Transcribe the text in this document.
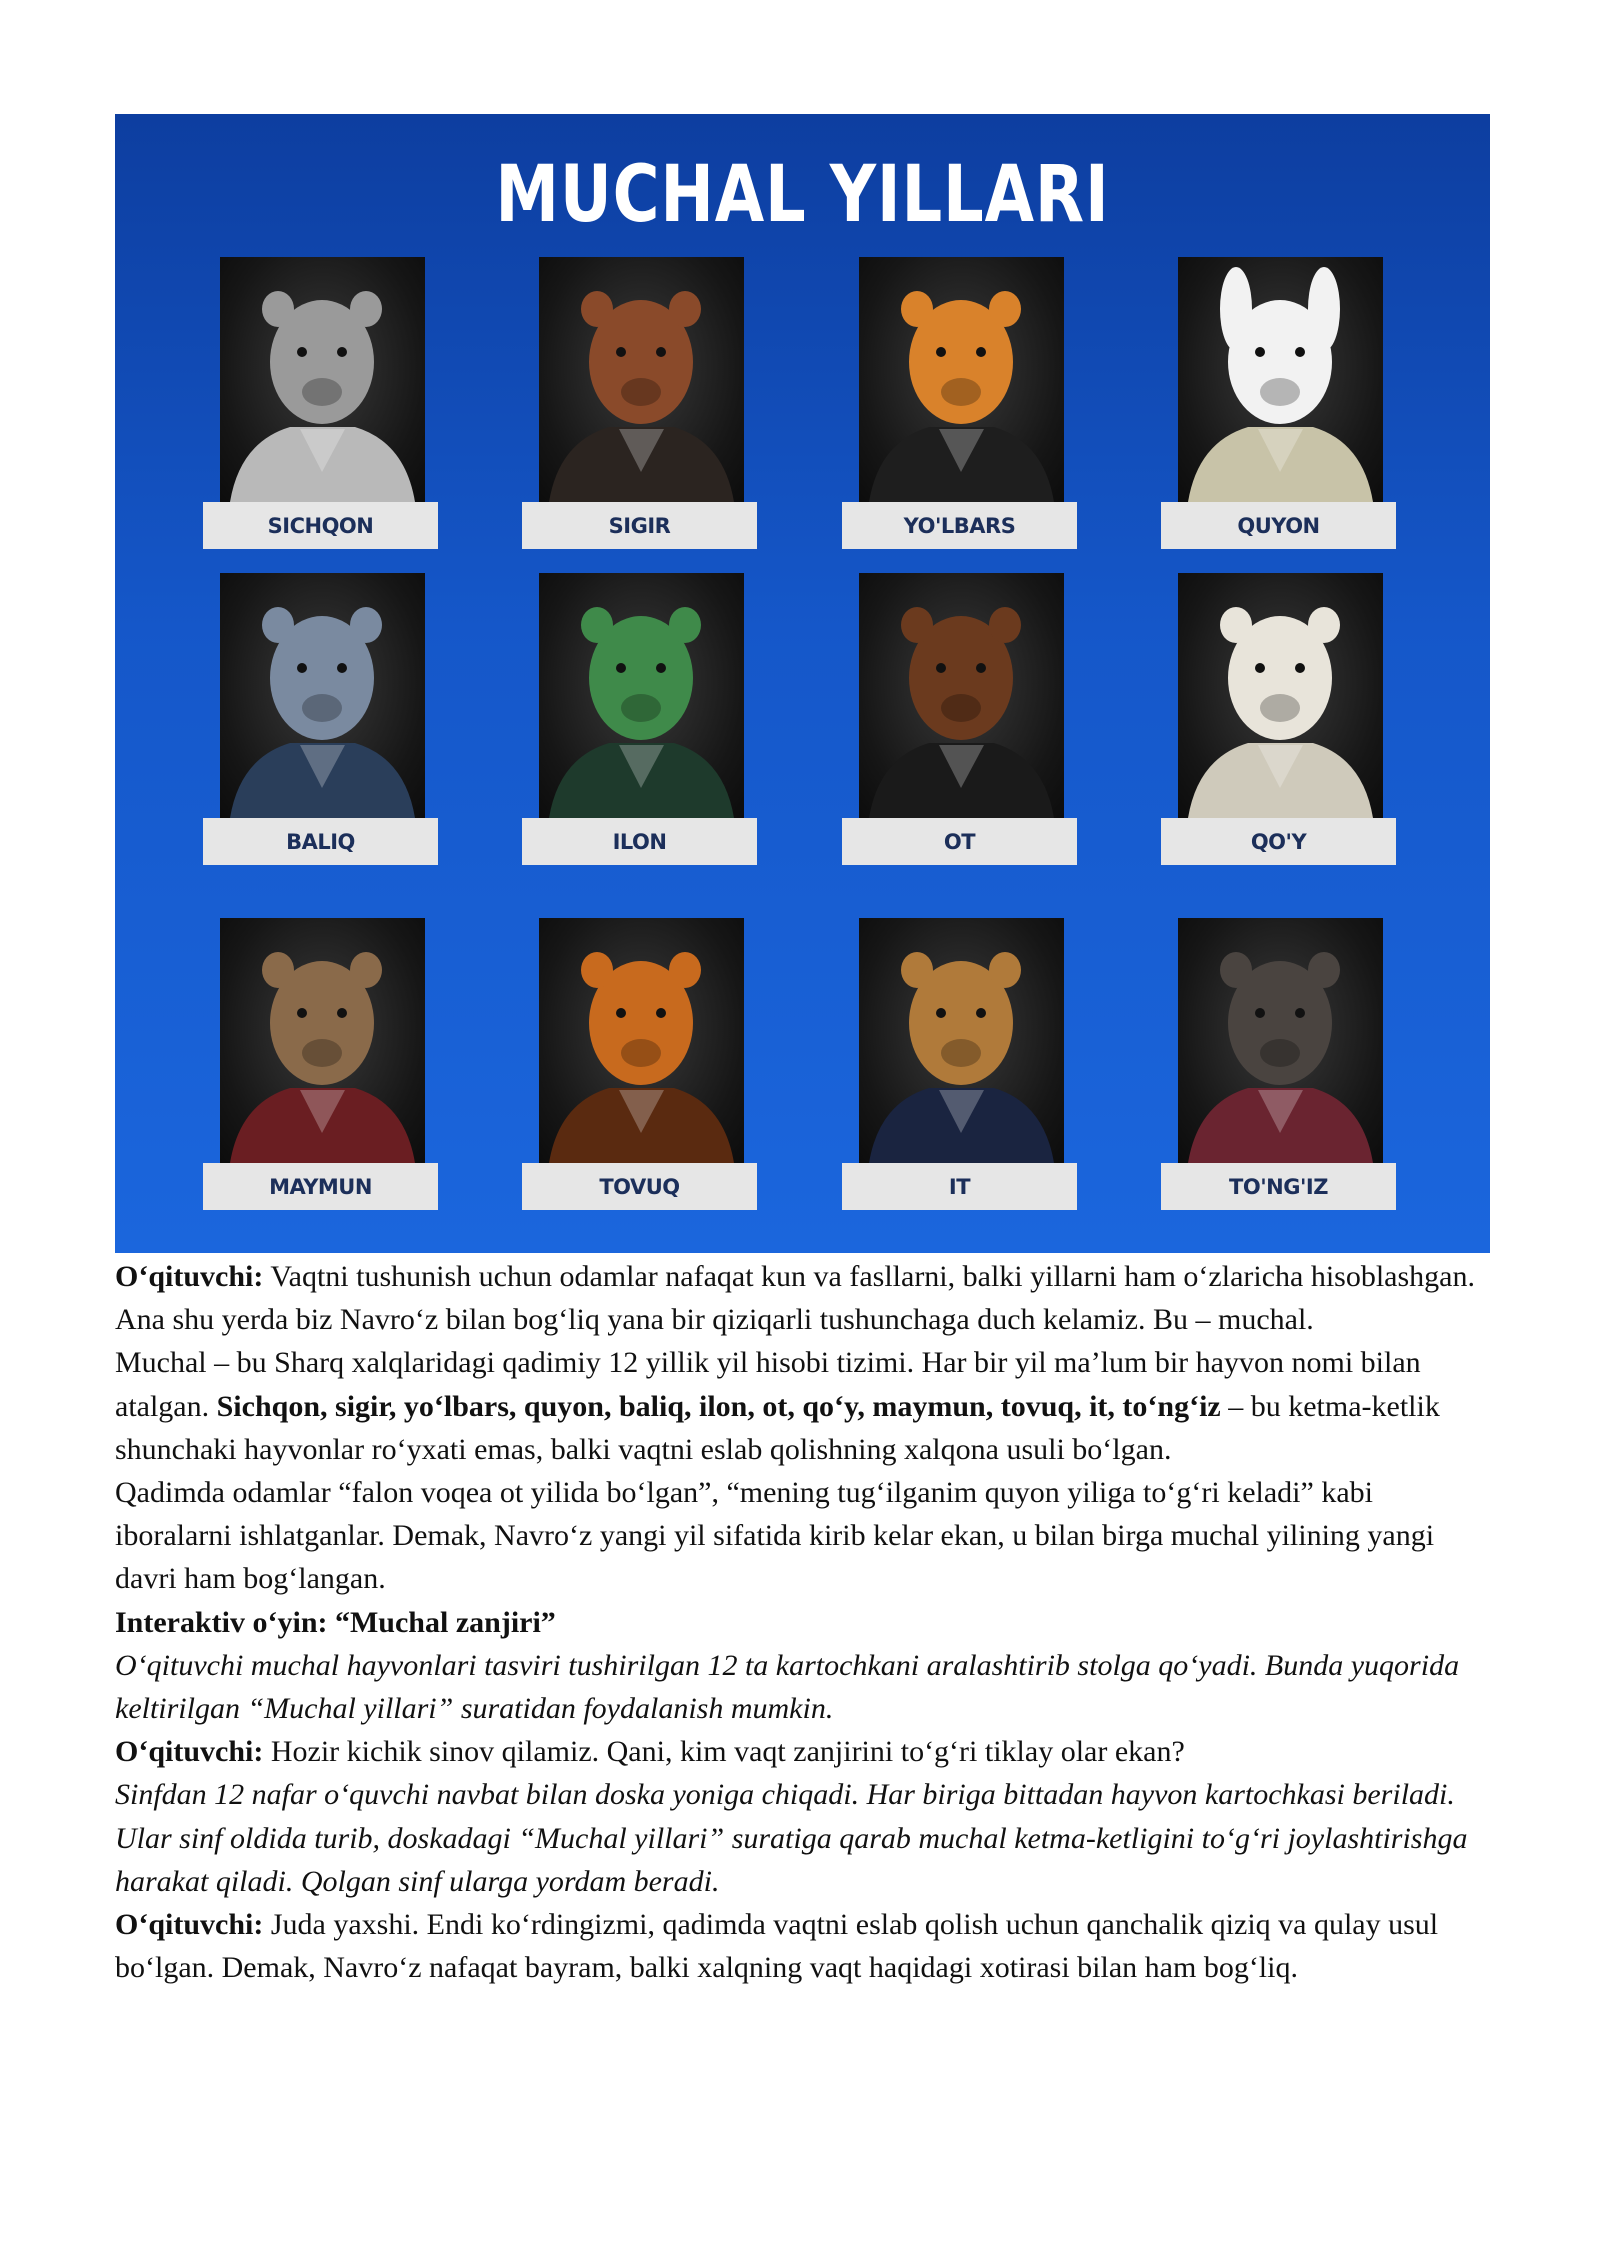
MUCHAL YILLARI
SICHQON	SIGIR	YO'LBARS	QUYON
BALIQ	ILON	OT	QO'Y
MAYMUN	TOVUQ	IT	TO'NG'IZ

O‘qituvchi: Vaqtni tushunish uchun odamlar nafaqat kun va fasllarni, balki yillarni ham o‘zlaricha hisoblashgan. Ana shu yerda biz Navro‘z bilan bog‘liq yana bir qiziqarli tushunchaga duch kelamiz. Bu – muchal.

Muchal – bu Sharq xalqlaridagi qadimiy 12 yillik yil hisobi tizimi. Har bir yil ma’lum bir hayvon nomi bilan atalgan. Sichqon, sigir, yo‘lbars, quyon, baliq, ilon, ot, qo‘y, maymun, tovuq, it, to‘ng‘iz – bu ketma-ketlik shunchaki hayvonlar ro‘yxati emas, balki vaqtni eslab qolishning xalqona usuli bo‘lgan.

Qadimda odamlar “falon voqea ot yilida bo‘lgan”, “mening tug‘ilganim quyon yiliga to‘g‘ri keladi” kabi iboralarni ishlatganlar. Demak, Navro‘z yangi yil sifatida kirib kelar ekan, u bilan birga muchal yilining yangi davri ham bog‘langan.

Interaktiv o‘yin: “Muchal zanjiri”

O‘qituvchi muchal hayvonlari tasviri tushirilgan 12 ta kartochkani aralashtirib stolga qo‘yadi. Bunda yuqorida keltirilgan “Muchal yillari” suratidan foydalanish mumkin.

O‘qituvchi: Hozir kichik sinov qilamiz. Qani, kim vaqt zanjirini to‘g‘ri tiklay olar ekan?

Sinfdan 12 nafar o‘quvchi navbat bilan doska yoniga chiqadi. Har biriga bittadan hayvon kartochkasi beriladi. Ular sinf oldida turib, doskadagi “Muchal yillari” suratiga qarab muchal ketma-ketligini to‘g‘ri joylashtirishga harakat qiladi. Qolgan sinf ularga yordam beradi.

O‘qituvchi: Juda yaxshi. Endi ko‘rdingizmi, qadimda vaqtni eslab qolish uchun qanchalik qiziq va qulay usul bo‘lgan. Demak, Navro‘z nafaqat bayram, balki xalqning vaqt haqidagi xotirasi bilan ham bog‘liq.
